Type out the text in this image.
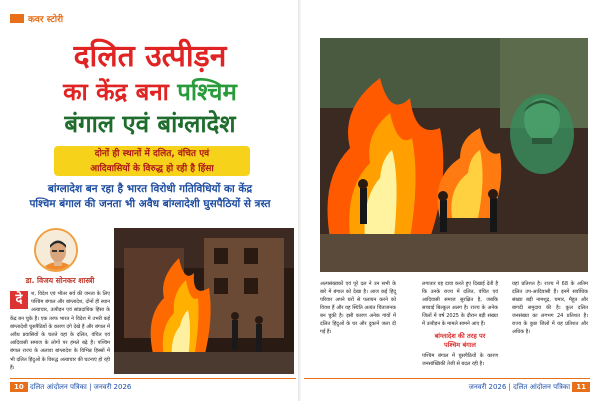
कवर स्टोरी
दलित उत्पीड़न
का केंद्र बना पश्चिम
बंगाल एवं बांग्लादेश
दोनों ही स्थानों में दलित, वंचित एवं
आदिवासियों के विरुद्ध हो रही है हिंसा
बांग्लादेश बन रहा है भारत विरोधी गतिविधियों का केंद्र
पश्चिम बंगाल की जनता भी अवैध बांग्लादेशी घुसपैठियों से त्रस्त
डा. विजय सोनकर शास्त्री
दे	श, विदेश एवं भीतर सर्व की जनता के लिए पश्चिम बंगाल और बांग्लादेश, दोनों ही स्थान अत्याचार, उत्पीड़न एवं सांप्रदायिक हिंसा के केंद्र बन चुके हैं। एक तरफ भारत ने विदेश में उभरी कई बांग्लादेशी घुसपैठियों के कारण दंगे देखे हैं और बंगाल में अवैध प्रवासियों के चलते वहां के दलित, वंचित एवं आदिवासी समाज के लोगों पर हमले बढ़े हैं। पश्चिम बंगाल राज्य के अलावा बांग्लादेश के विभिन्न हिस्सों में भी दलित हिंदुओं के विरुद्ध अत्याचार की घटनाएं हो रही हैं।
10 दलित आंदोलन पत्रिका | जनवरी 2026
अल्पसंख्यकों एवं पूरे दल ने उन सभी के बारे में बंगाल को देखा है। आज कई हिंदू परिवार अपने घरों से पलायन करने को विवश हैं और यह स्थिति अत्यंत चिंताजनक बन चुकी है। इसी कारण अनेक गांवों में दलित हिंदुओं के घर और दुकानें जला दी गई हैं।
लगातार यह दावा करते हुए दिखाई देती है कि उनके राज्य में दलित, वंचित एवं आदिवासी समाज सुरक्षित है, जबकि सच्चाई बिल्कुल अलग है। राज्य के अनेक जिलों में वर्ष 2025 के दौरान बड़ी संख्या में उत्पीड़न के मामले सामने आए हैं।
बांग्लादेश की तरह पर
पश्चिम बंगाल
पश्चिम बंगाल में घुसपैठियों के कारण जनसांख्यिकी तेजी से बदल रही है।
यहां प्रतिशत है। राज्य में 68 के अतिम दलित उप-आदिवासी हैं। इनमें सर्वाधिक संख्या बड़ी नामशूद्र, चमार, मैहूत और बागदी समुदाय की है। कुल दलित जनसंख्या का लगभग 24 प्रतिशत है। राज्य के कुछ जिलों में यह प्रतिशत और अधिक है।
जनवरी 2026 | दलित आंदोलन पत्रिका 11
